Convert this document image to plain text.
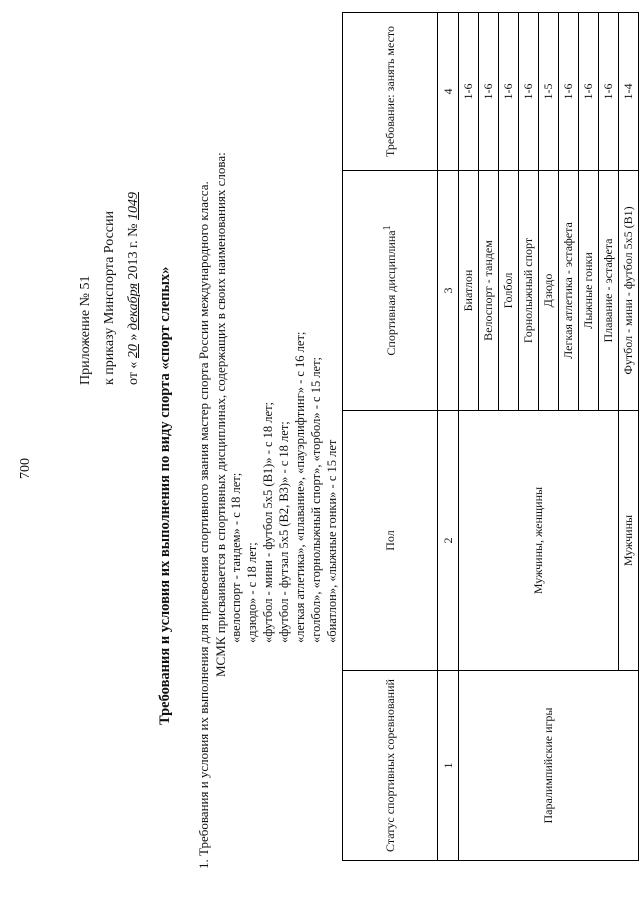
700
Приложение № 51 к приказу Минспорта России от « 20 » декабря 2013 г. № 1049
Требования и условия их выполнения по виду спорта «спорт слепых» 1. Требования и условия их выполнения для присвоения спортивного звания мастер спорта России международного класса. МСМК присваивается в спортивных дисциплинах, содержащих в своих наименованиях слова: «велоспорт - тандем» - с 18 лет; «дзюдо» - с 18 лет; «футбол - мини - футбол 5х5 (В1)» - с 18 лет; «футбол - футзал 5х5 (В2, В3)» - с 18 лет; «легкая атлетика», «плавание», «пауэрлифтинг» - с 16 лет; «голбол», «горнолыжный спорт», «торбол» - с 15 лет; «биатлон», «лыжные гонки» - с 15 лет
Статус спортивных соревнований	Пол	Спортивная дисциплина$^1$	Требование: занять место
1	2	3	4
Паралимпийские игры	Мужчины, женщины	Биатлон	1-6
		Велоспорт - тандем	1-6
		Голбол	1-6
		Горнолыжный спорт	1-6
		Дзюдо	1-5
		Легкая атлетика - эстафета	1-6
		Лыжные гонки	1-6
		Плавание - эстафета	1-6
	Мужчины	Футбол - мини - футбол 5х5 (В1)	1-4
